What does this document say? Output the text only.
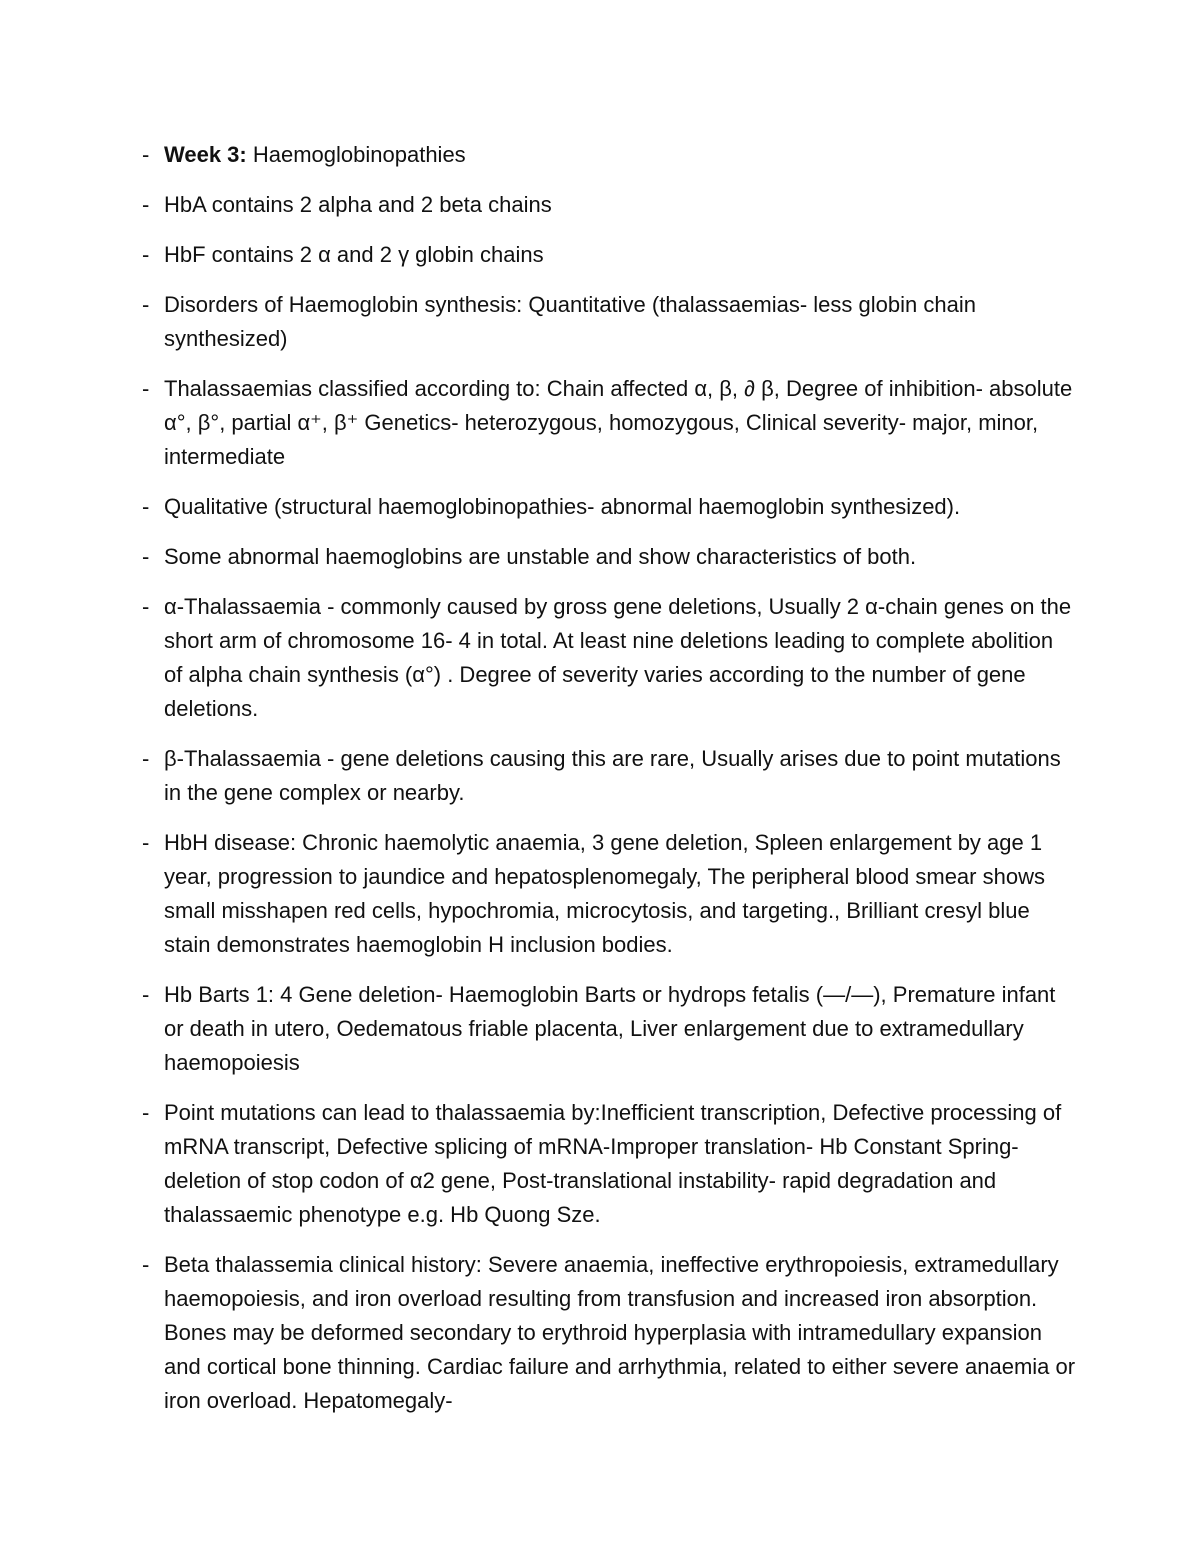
- Week 3: Haemoglobinopathies
- HbA contains 2 alpha and 2 beta chains
- HbF contains 2 α and 2 γ globin chains
- Disorders of Haemoglobin synthesis: Quantitative (thalassaemias- less globin chain synthesized)
- Thalassaemias classified according to: Chain affected α, β, ∂ β, Degree of inhibition- absolute α°, β°, partial α⁺, β⁺ Genetics- heterozygous, homozygous, Clinical severity- major, minor, intermediate
- Qualitative (structural haemoglobinopathies- abnormal haemoglobin synthesized).
- Some abnormal haemoglobins are unstable and show characteristics of both.
- α-Thalassaemia - commonly caused by gross gene deletions, Usually 2 α-chain genes on the short arm of chromosome 16- 4 in total. At least nine deletions leading to complete abolition of alpha chain synthesis (α°) . Degree of severity varies according to the number of gene deletions.
- β-Thalassaemia - gene deletions causing this are rare, Usually arises due to point mutations in the gene complex or nearby.
- HbH disease: Chronic haemolytic anaemia, 3 gene deletion, Spleen enlargement by age 1 year, progression to jaundice and hepatosplenomegaly, The peripheral blood smear shows small misshapen red cells, hypochromia, microcytosis, and targeting., Brilliant cresyl blue stain demonstrates haemoglobin H inclusion bodies.
- Hb Barts 1: 4 Gene deletion- Haemoglobin Barts or hydrops fetalis (—/—), Premature infant or death in utero, Oedematous friable placenta, Liver enlargement due to extramedullary haemopoiesis
- Point mutations can lead to thalassaemia by:Inefficient transcription, Defective processing of mRNA transcript, Defective splicing of mRNA-Improper translation- Hb Constant Spring- deletion of stop codon of α2 gene, Post-translational instability- rapid degradation and thalassaemic phenotype e.g. Hb Quong Sze.
- Beta thalassemia clinical history: Severe anaemia, ineffective erythropoiesis, extramedullary haemopoiesis, and iron overload resulting from transfusion and increased iron absorption. Bones may be deformed secondary to erythroid hyperplasia with intramedullary expansion and cortical bone thinning. Cardiac failure and arrhythmia, related to either severe anaemia or iron overload. Hepatomegaly-
